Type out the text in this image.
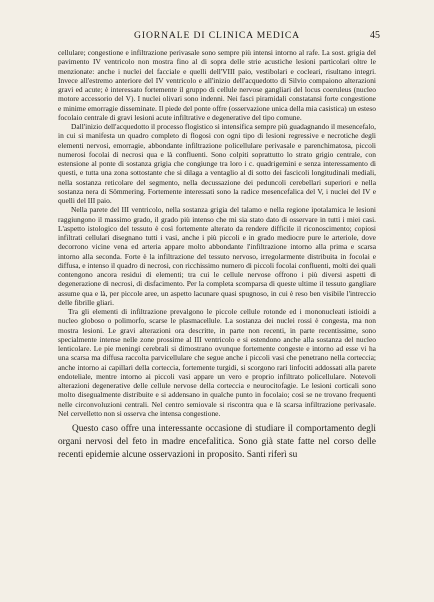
GIORNALE DI CLINICA MEDICA	45

cellulare; congestione e infiltrazione perivasale sono sempre più intensi intorno al rafe. La sost. grigia del pavimento IV ventricolo non mostra fino al di sopra delle strie acustiche lesioni particolari oltre le menzionate: anche i nuclei del facciale e quelli dell'VIII paio, vestibolari e cocleari, risultano integri. Invece all'estremo anteriore del IV ventricolo e all'inizio dell'acquedotto di Silvio compaiono alterazioni gravi ed acute; è interessato fortemente il gruppo di cellule nervose gangliari del locus coeruleus (nucleo motore accessorio del V). I nuclei olivari sono indenni. Nei fasci piramidali constatansi forte congestione e minime emorragie disseminate. Il piede del ponte offre (osservazione unica della mia casistica) un esteso focolaio centrale di gravi lesioni acute infiltrative e degenerative del tipo comune.

Dall'inizio dell'acquedotto il processo flogistico si intensifica sempre più guadagnando il mesencefalo, in cui si manifesta un quadro completo di flogosi con ogni tipo di lesioni regressive e necrotiche degli elementi nervosi, emorragie, abbondante infiltrazione policellulare perivasale e parenchimatosa, piccoli numerosi focolai di necrosi qua e là confluenti. Sono colpiti soprattutto lo strato grigio centrale, con estensione al ponte di sostanza grigia che congiunge tra loro i c. quadrigemini e senza interessamento di questi, e tutta una zona sottostante che si dilaga a ventaglio al di sotto dei fascicoli longitudinali mediali, nella sostanza reticolare del segmento, nella decussazione dei peduncoli cerebellari superiori e nella sostanza nera di Sömmering. Fortemente interessati sono la radice mesencefalica del V, i nuclei del IV e quelli del III paio.

Nella parete del III ventricolo, nella sostanza grigia del talamo e nella regione ipotalamica le lesioni raggiungono il massimo grado, il grado più intenso che mi sia stato dato di osservare in tutti i miei casi. L'aspetto istologico del tessuto è così fortemente alterato da rendere difficile il riconoscimento; copiosi infiltrati cellulari disegnano tutti i vasi, anche i più piccoli e in grado mediocre pure le arteriole, dove decorrono vicine vena ed arteria appare molto abbondante l'infiltrazione intorno alla prima e scarsa intorno alla seconda. Forte è la infiltrazione del tessuto nervoso, irregolarmente distribuita in focolai e diffusa, e intenso il quadro di necrosi, con ricchissimo numero di piccoli focolai confluenti, molti dei quali contengono ancora residui di elementi; tra cui le cellule nervose offrono i più diversi aspetti di degenerazione di necrosi, di disfacimento. Per la completa scomparsa di queste ultime il tessuto gangliare assume qua e là, per piccole aree, un aspetto lacunare quasi spugnoso, in cui è reso ben visibile l'intreccio delle fibrille gliari.

Tra gli elementi di infiltrazione prevalgono le piccole cellule rotonde ed i mononucleati istioidi a nucleo globoso o polimorfo, scarse le plasmacellule. La sostanza dei nuclei rossi è congesta, ma non mostra lesioni. Le gravi alterazioni ora descritte, in parte non recenti, in parte recentissime, sono specialmente intense nelle zone prossime al III ventricolo e si estendono anche alla sostanza del nucleo lenticolare. Le pie meningi cerebrali si dimostrano ovunque fortemente congeste e intorno ad esse vi ha una scarsa ma diffusa raccolta parvicellulare che segue anche i piccoli vasi che penetrano nella corteccia; anche intorno ai capillari della corteccia, fortemente turgidi, si scorgono rari linfociti addossati alla parete endoteliale, mentre intorno ai piccoli vasi appare un vero e proprio infiltrato policellulare. Notevoli alterazioni degenerative delle cellule nervose della corteccia e neurocitofagie. Le lesioni corticali sono molto disegualmente distribuite e si addensano in qualche punto in focolaio; così se ne trovano frequenti nelle circonvoluzioni centrali. Nel centro semiovale si riscontra qua e là scarsa infiltrazione perivasale. Nel cervelletto non si osserva che intensa congestione.

Questo caso offre una interessante occasione di studiare il comportamento degli organi nervosi del feto in madre encefalitica. Sono già state fatte nel corso delle recenti epidemie alcune osservazioni in proposito. Santi riferì su
